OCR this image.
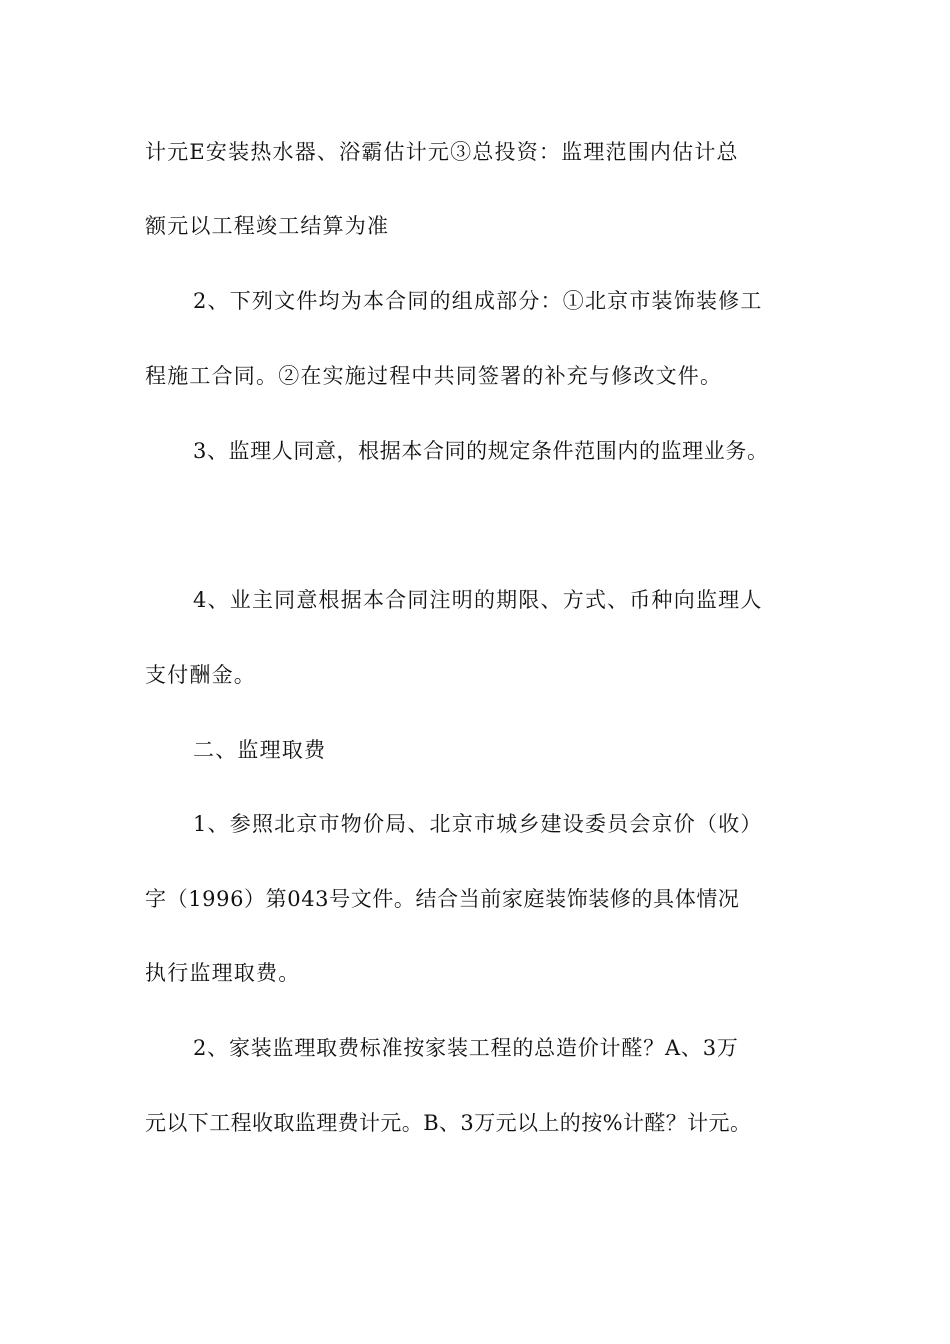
计元E安装热水器、浴霸估计元③总投资：监理范围内估计总
额元以工程竣工结算为准
2、下列文件均为本合同的组成部分：①北京市装饰装修工
程施工合同。②在实施过程中共同签署的补充与修改文件。
3、监理人同意，根据本合同的规定条件范围内的监理业务。
4、业主同意根据本合同注明的期限、方式、币种向监理人
支付酬金。
二、监理取费
1、参照北京市物价局、北京市城乡建设委员会京价（收）
字（1996）第043号文件。结合当前家庭装饰装修的具体情况
执行监理取费。
2、家装监理取费标准按家装工程的总造价计醛？A、3万
元以下工程收取监理费计元。B、3万元以上的按%计醛？计元。
